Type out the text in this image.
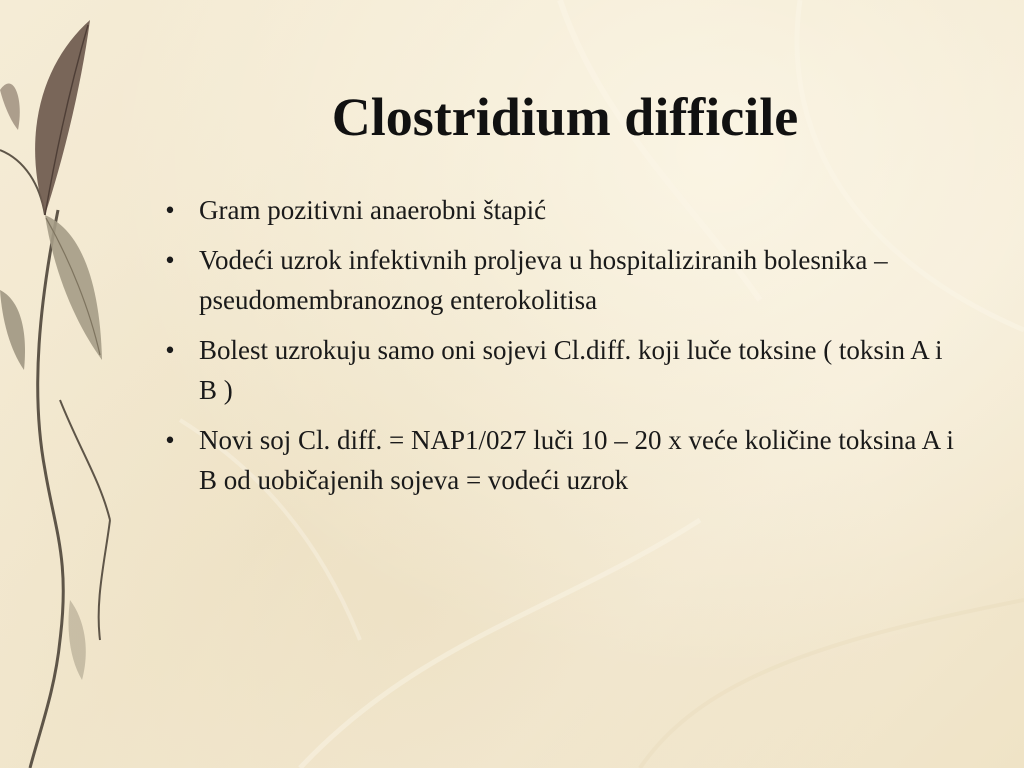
Clostridium difficile
• Gram pozitivni anaerobni štapić
• Vodeći uzrok infektivnih proljeva u hospitaliziranih bolesnika – pseudomembranoznog enterokolitisa
• Bolest uzrokuju samo oni sojevi Cl.diff. koji luče toksine ( toksin A i B )
• Novi soj Cl. diff. = NAP1/027 luči 10 – 20 x veće količine toksina A i B od uobičajenih sojeva = vodeći uzrok
